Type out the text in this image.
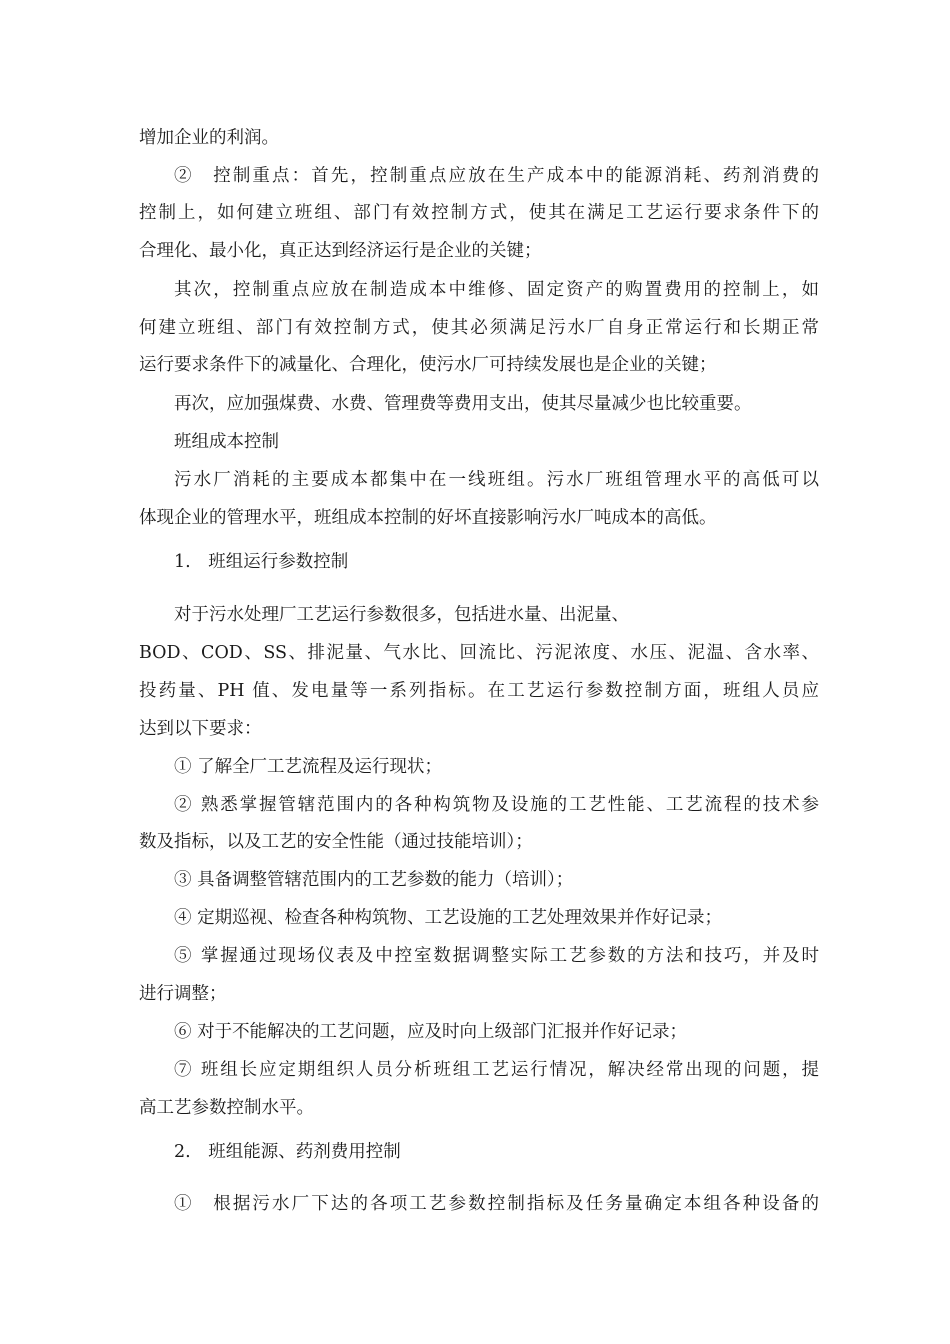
增加企业的利润。
②　控制重点：首先，控制重点应放在生产成本中的能源消耗、药剂消费的
控制上，如何建立班组、部门有效控制方式，使其在满足工艺运行要求条件下的
合理化、最小化，真正达到经济运行是企业的关键；
其次，控制重点应放在制造成本中维修、固定资产的购置费用的控制上，如
何建立班组、部门有效控制方式，使其必须满足污水厂自身正常运行和长期正常
运行要求条件下的减量化、合理化，使污水厂可持续发展也是企业的关键；
再次，应加强煤费、水费、管理费等费用支出，使其尽量减少也比较重要。
班组成本控制
污水厂消耗的主要成本都集中在一线班组。污水厂班组管理水平的高低可以
体现企业的管理水平，班组成本控制的好坏直接影响污水厂吨成本的高低。
1.　班组运行参数控制
对于污水处理厂工艺运行参数很多，包括进水量、出泥量、
BOD、COD、SS、排泥量、气水比、回流比、污泥浓度、水压、泥温、含水率、
投药量、PH 值、发电量等一系列指标。在工艺运行参数控制方面，班组人员应
达到以下要求：
① 了解全厂工艺流程及运行现状；
② 熟悉掌握管辖范围内的各种构筑物及设施的工艺性能、工艺流程的技术参
数及指标，以及工艺的安全性能（通过技能培训）；
③ 具备调整管辖范围内的工艺参数的能力（培训）；
④ 定期巡视、检查各种构筑物、工艺设施的工艺处理效果并作好记录；
⑤ 掌握通过现场仪表及中控室数据调整实际工艺参数的方法和技巧，并及时
进行调整；
⑥ 对于不能解决的工艺问题，应及时向上级部门汇报并作好记录；
⑦ 班组长应定期组织人员分析班组工艺运行情况，解决经常出现的问题，提
高工艺参数控制水平。
2.　班组能源、药剂费用控制
①　根据污水厂下达的各项工艺参数控制指标及任务量确定本组各种设备的
